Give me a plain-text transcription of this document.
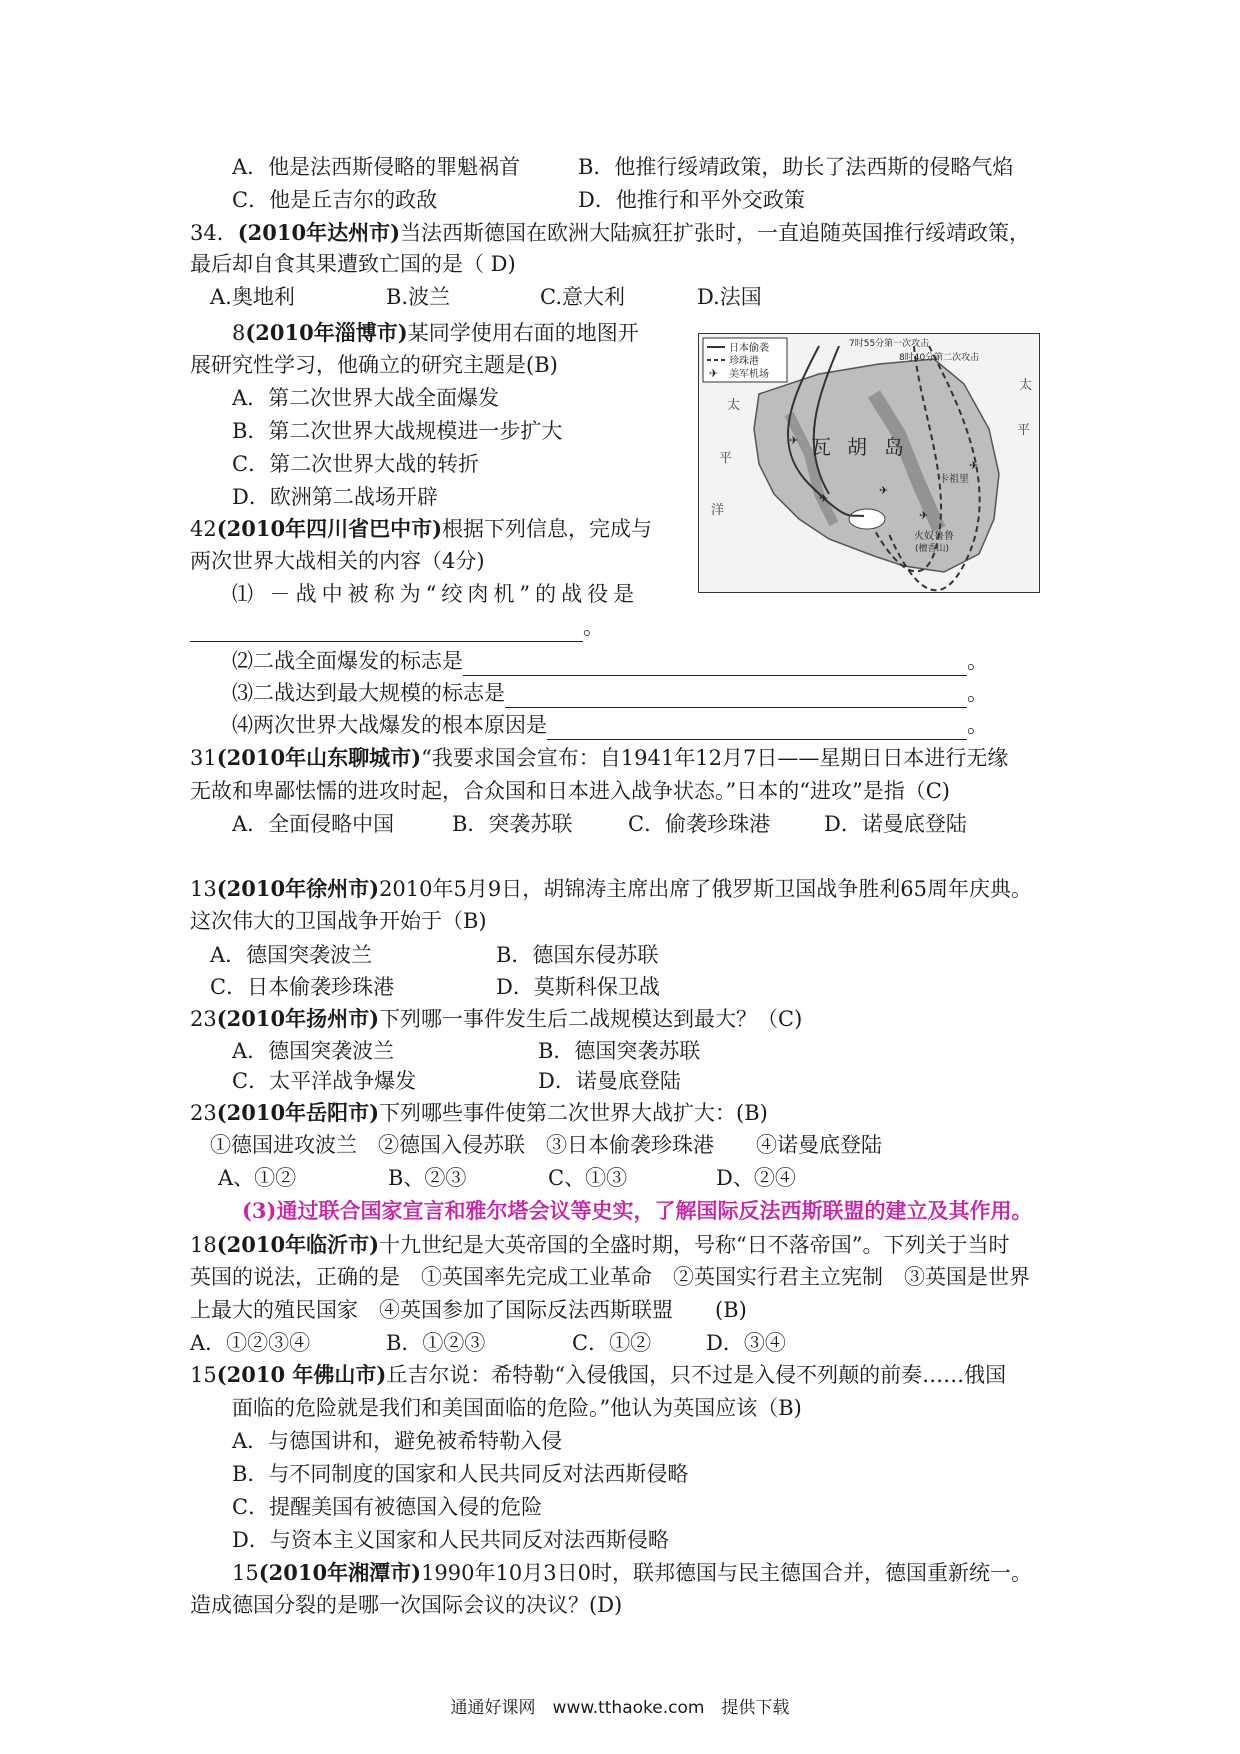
A．他是法西斯侵略的罪魁祸首	B．他推行绥靖政策，助长了法西斯的侵略气焰
C．他是丘吉尔的政敌	D．他推行和平外交政策
34．(2010年达州市)当法西斯德国在欧洲大陆疯狂扩张时，一直追随英国推行绥靖政策，
最后却自食其果遭致亡国的是（ D)
A.奥地利	B.波兰	C.意大利	D.法国
8(2010年淄博市)某同学使用右面的地图开
展研究性学习，他确立的研究主题是(B)
A．第二次世界大战全面爆发
B．第二次世界大战规模进一步扩大
C．第二次世界大战的转折
D．欧洲第二战场开辟
✈
日本偷袭
珍珠港
美军机场
7时55分第一次攻击
8时40分第二次攻击
瓦 胡 岛
太
平
洋
太
平
卡祖里
火奴鲁鲁
(檀香山)
✈
✈
✈
✈
✈
42(2010年四川省巴中市)根据下列信息，完成与
两次世界大战相关的内容（4分)
⑴ －战中被称为“绞肉机”的战役是
。
⑵二战全面爆发的标志是	。
⑶二战达到最大规模的标志是	。
⑷两次世界大战爆发的根本原因是	。
31(2010年山东聊城市)“我要求国会宣布：自1941年12月7日——星期日日本进行无缘
无故和卑鄙怯懦的进攻时起，合众国和日本进入战争状态。”日本的“进攻”是指（C)
A．全面侵略中国	B．突袭苏联	C．偷袭珍珠港	D．诺曼底登陆
13(2010年徐州市)2010年5月9日，胡锦涛主席出席了俄罗斯卫国战争胜利65周年庆典。
这次伟大的卫国战争开始于（B)
A．德国突袭波兰	B．德国东侵苏联
C．日本偷袭珍珠港	D．莫斯科保卫战
23(2010年扬州市)下列哪一事件发生后二战规模达到最大？（C)
A．德国突袭波兰	B．德国突袭苏联
C．太平洋战争爆发	D．诺曼底登陆
23(2010年岳阳市)下列哪些事件使第二次世界大战扩大：(B)
①德国进攻波兰　②德国入侵苏联　③日本偷袭珍珠港　　④诺曼底登陆
A、①②	B、②③	C、①③	D、②④
(3)通过联合国家宣言和雅尔塔会议等史实，了解国际反法西斯联盟的建立及其作用。
18(2010年临沂市)十九世纪是大英帝国的全盛时期，号称“日不落帝国”。下列关于当时
英国的说法，正确的是　①英国率先完成工业革命　②英国实行君主立宪制　③英国是世界
上最大的殖民国家　④英国参加了国际反法西斯联盟　　(B)
A．①②③④	B．①②③	C．①②	D．③④
15(2010 年佛山市)丘吉尔说：希特勒“入侵俄国，只不过是入侵不列颠的前奏……俄国
面临的危险就是我们和美国面临的危险。”他认为英国应该（B)
A．与德国讲和，避免被希特勒入侵
B．与不同制度的国家和人民共同反对法西斯侵略
C．提醒美国有被德国入侵的危险
D．与资本主义国家和人民共同反对法西斯侵略
15(2010年湘潭市)1990年10月3日0时，联邦德国与民主德国合并，德国重新统一。
造成德国分裂的是哪一次国际会议的决议？(D)
通通好课网　www.tthaoke.com　提供下载
